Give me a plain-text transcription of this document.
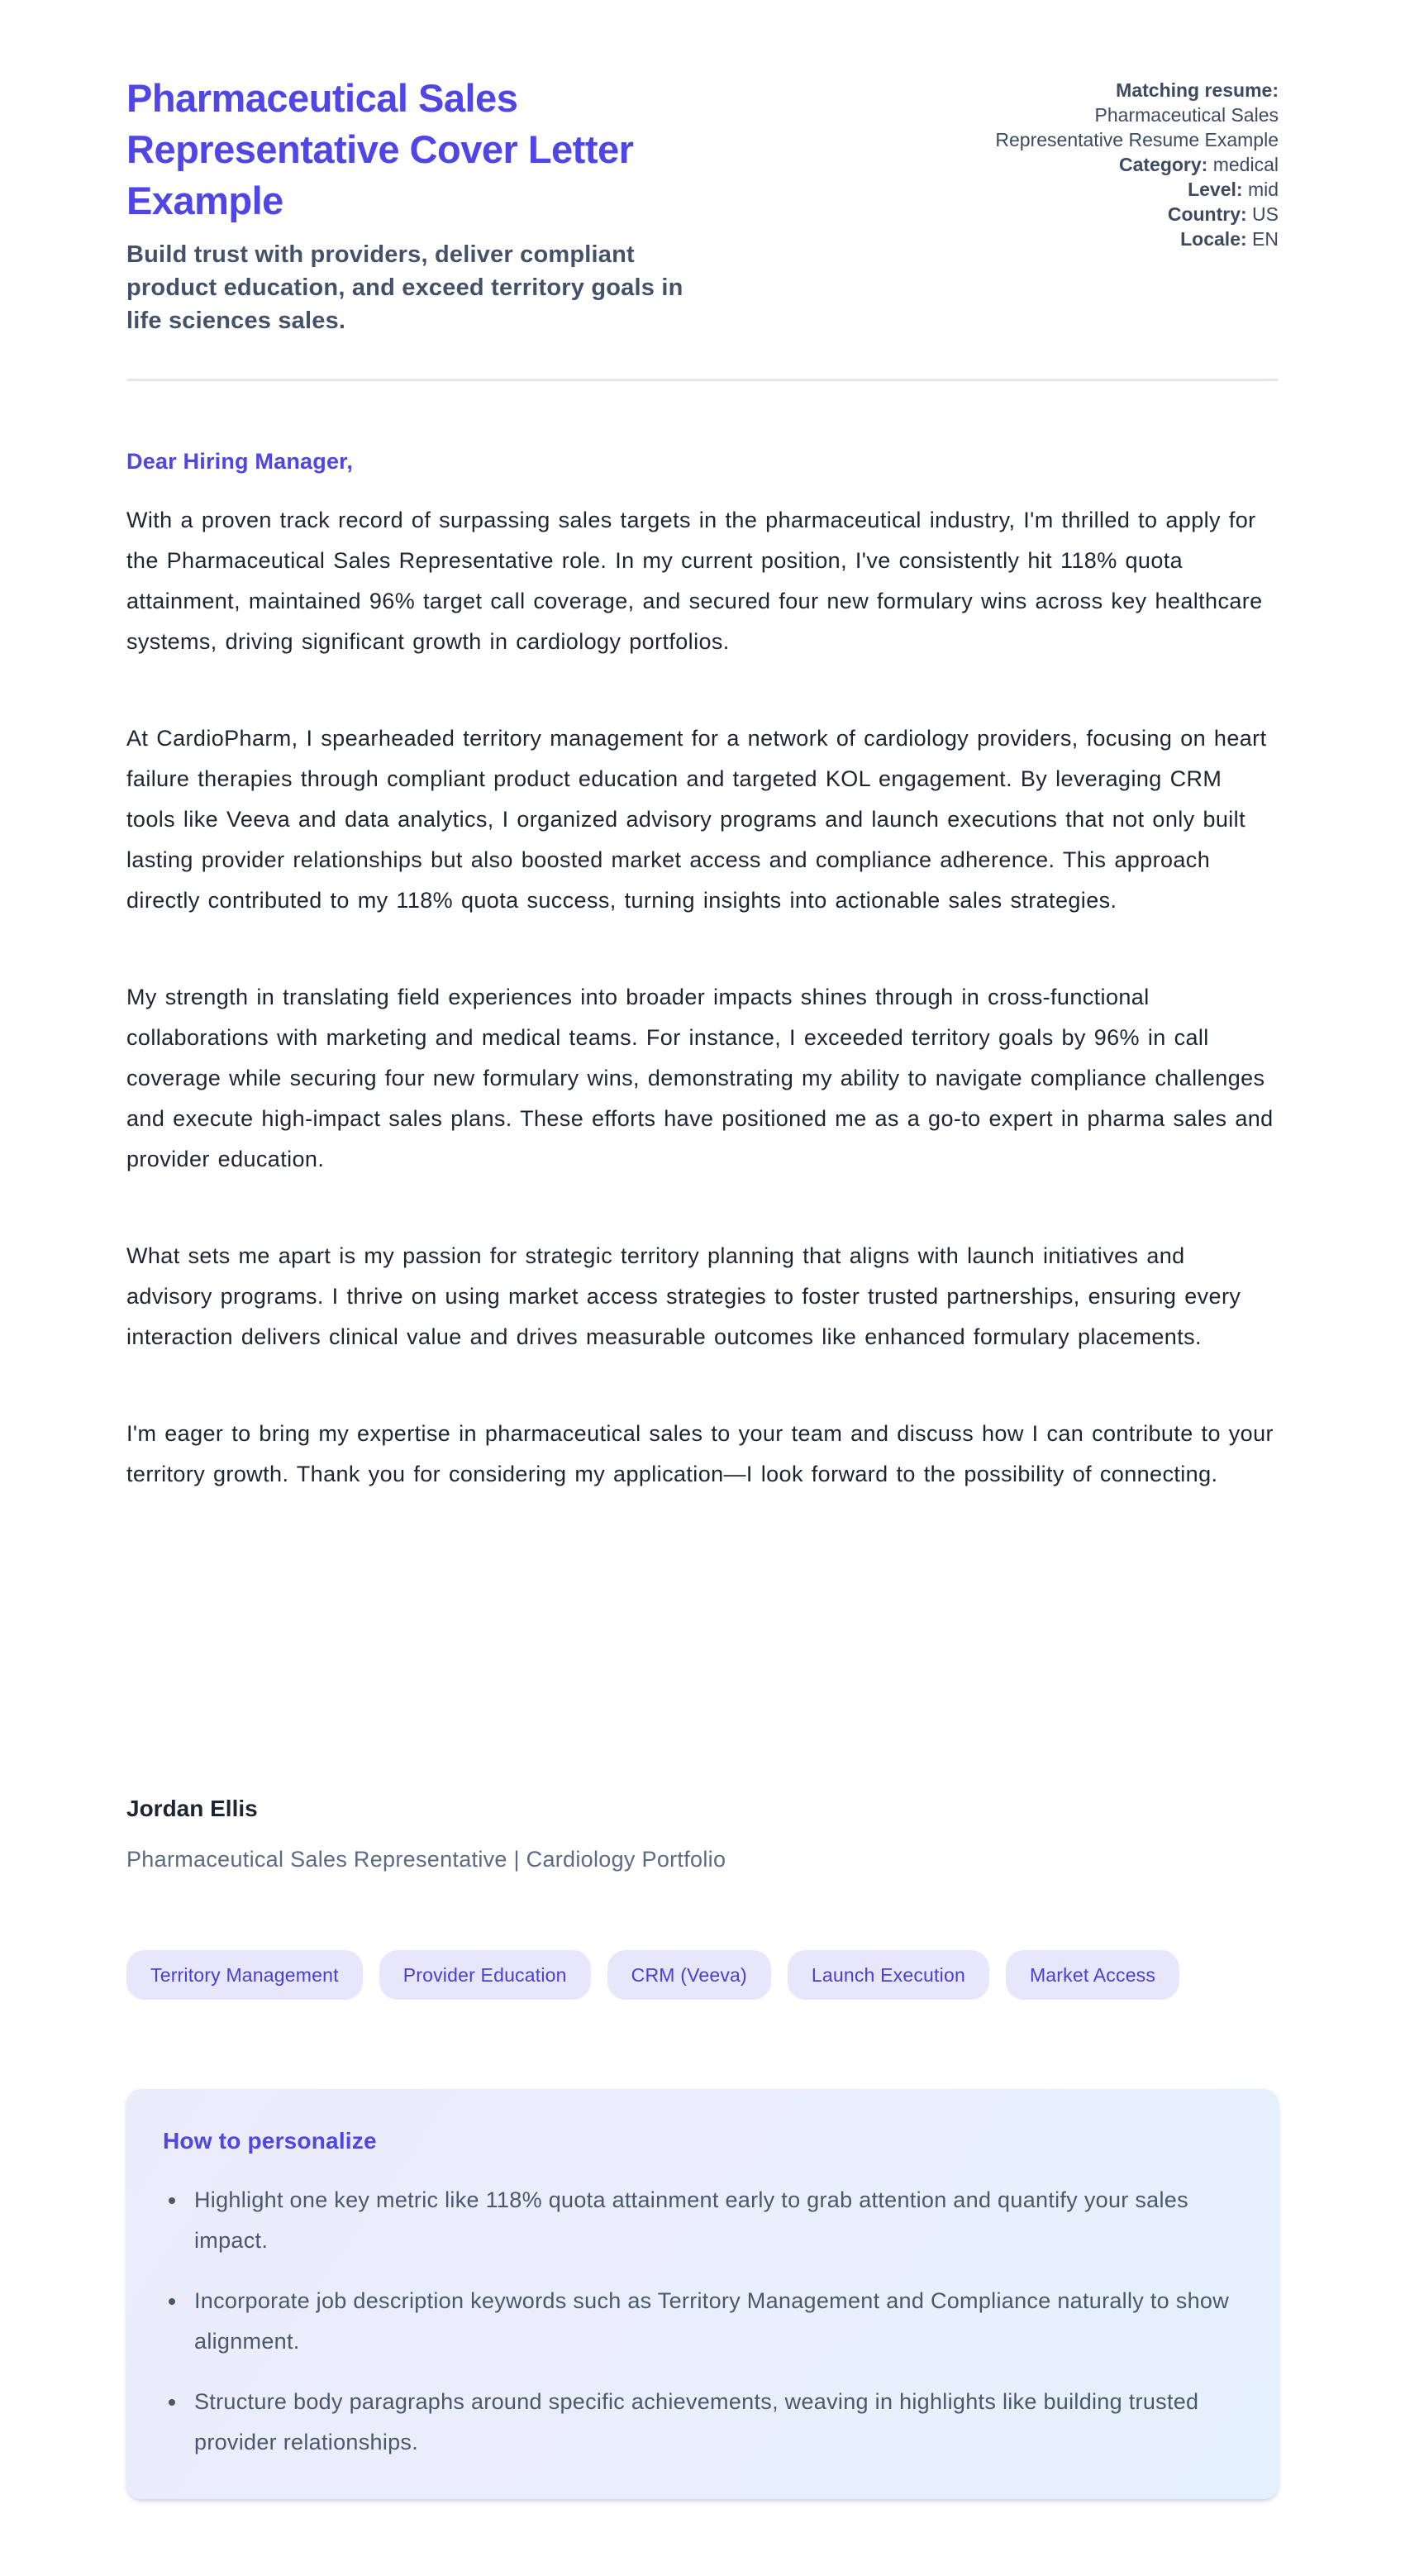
Pharmaceutical Sales Representative Cover Letter Example

Build trust with providers, deliver compliant product education, and exceed territory goals in life sciences sales.

Matching resume: Pharmaceutical Sales Representative Resume Example
Category: medical
Level: mid
Country: US
Locale: EN

Dear Hiring Manager,

With a proven track record of surpassing sales targets in the pharmaceutical industry, I'm thrilled to apply for the Pharmaceutical Sales Representative role. In my current position, I've consistently hit 118% quota attainment, maintained 96% target call coverage, and secured four new formulary wins across key healthcare systems, driving significant growth in cardiology portfolios.

At CardioPharm, I spearheaded territory management for a network of cardiology providers, focusing on heart failure therapies through compliant product education and targeted KOL engagement. By leveraging CRM tools like Veeva and data analytics, I organized advisory programs and launch executions that not only built lasting provider relationships but also boosted market access and compliance adherence. This approach directly contributed to my 118% quota success, turning insights into actionable sales strategies.

My strength in translating field experiences into broader impacts shines through in cross-functional collaborations with marketing and medical teams. For instance, I exceeded territory goals by 96% in call coverage while securing four new formulary wins, demonstrating my ability to navigate compliance challenges and execute high-impact sales plans. These efforts have positioned me as a go-to expert in pharma sales and provider education.

What sets me apart is my passion for strategic territory planning that aligns with launch initiatives and advisory programs. I thrive on using market access strategies to foster trusted partnerships, ensuring every interaction delivers clinical value and drives measurable outcomes like enhanced formulary placements.

I'm eager to bring my expertise in pharmaceutical sales to your team and discuss how I can contribute to your territory growth. Thank you for considering my application—I look forward to the possibility of connecting.

Jordan Ellis

Pharmaceutical Sales Representative | Cardiology Portfolio

Territory Management	Provider Education	CRM (Veeva)	Launch Execution	Market Access
How to personalize
• Highlight one key metric like 118% quota attainment early to grab attention and quantify your sales impact.
• Incorporate job description keywords such as Territory Management and Compliance naturally to show alignment.
• Structure body paragraphs around specific achievements, weaving in highlights like building trusted provider relationships.
